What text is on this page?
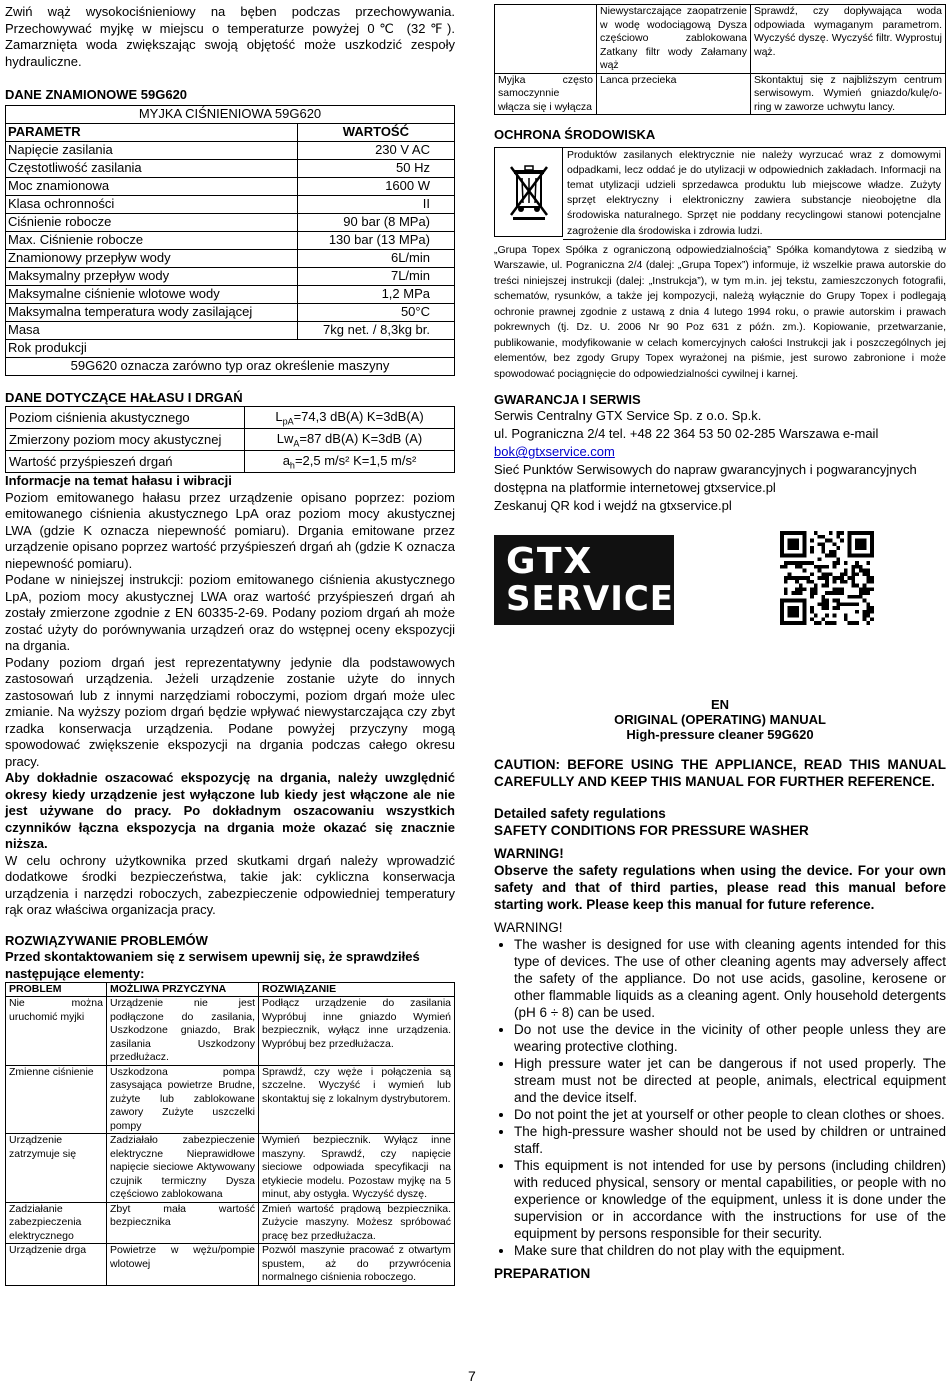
Zwiń wąż wysokociśnieniowy na bęben podczas przechowywania. Przechowywać myjkę w miejscu o temperaturze powyżej 0℃ (32℉). Zamarznięta woda zwiększając swoją objętość może uszkodzić zespoły hydrauliczne.

DANE ZNAMIONOWE 59G620

MYJKA CIŚNIENIOWA 59G620	
PARAMETR	WARTOŚĆ
Napięcie zasilania	230 V AC
Częstotliwość zasilania	50 Hz
Moc znamionowa	1600 W
Klasa ochronności	II
Ciśnienie robocze	90 bar (8 MPa)
Max. Ciśnienie robocze	130 bar (13 MPa)
Znamionowy przepływ wody	6L/min
Maksymalny przepływ wody	7L/min
Maksymalne ciśnienie wlotowe wody	1,2 MPa
Maksymalna temperatura wody zasilającej	50°C
Masa	7kg net. / 8,3kg br.
Rok produkcji	
59G620 oznacza zarówno typ oraz określenie maszyny	

DANE DOTYCZĄCE HAŁASU I DRGAŃ

Poziom ciśnienia akustycznego	$L_{pA}=74,3$ dB(A) K=3dB(A)
Zmierzony poziom mocy akustycznej	$Lw_A=87$ dB(A) K=3dB (A)
Wartość przyśpieszeń drgań	$a_h=2,5$ m/s² K=1,5 m/s²

Informacje na temat hałasu i wibracji

Poziom emitowanego hałasu przez urządzenie opisano poprzez: poziom emitowanego ciśnienia akustycznego LpA oraz poziom mocy akustycznej LWA (gdzie K oznacza niepewność pomiaru). Drgania emitowane przez urządzenie opisano poprzez wartość przyśpieszeń drgań ah (gdzie K oznacza niepewność pomiaru).

Podane w niniejszej instrukcji: poziom emitowanego ciśnienia akustycznego LpA, poziom mocy akustycznej LWA oraz wartość przyśpieszeń drgań ah zostały zmierzone zgodnie z EN 60335-2-69. Podany poziom drgań ah może zostać użyty do porównywania urządzeń oraz do wstępnej oceny ekspozycji na drgania.

Podany poziom drgań jest reprezentatywny jedynie dla podstawowych zastosowań urządzenia. Jeżeli urządzenie zostanie użyte do innych zastosowań lub z innymi narzędziami roboczymi, poziom drgań może ulec zmianie. Na wyższy poziom drgań będzie wpływać niewystarczająca czy zbyt rzadka konserwacja urządzenia. Podane powyżej przyczyny mogą spowodować zwiększenie ekspozycji na drgania podczas całego okresu pracy.

Aby dokładnie oszacować ekspozycję na drgania, należy uwzględnić okresy kiedy urządzenie jest wyłączone lub kiedy jest włączone ale nie jest używane do pracy. Po dokładnym oszacowaniu wszystkich czynników łączna ekspozycja na drgania może okazać się znacznie niższa.

W celu ochrony użytkownika przed skutkami drgań należy wprowadzić dodatkowe środki bezpieczeństwa, takie jak: cykliczna konserwacja urządzenia i narzędzi roboczych, zabezpieczenie odpowiedniej temperatury rąk oraz właściwa organizacja pracy.

ROZWIĄZYWANIE PROBLEMÓW

Przed skontaktowaniem się z serwisem upewnij się, że sprawdziłeś następujące elementy:

PROBLEM	MOŻLIWA PRZYCZYNA	ROZWIĄZANIE
Nie można uruchomić myjki	Urządzenie nie jest podłączone do zasilania, Uszkodzone gniazdo, Brak zasilania Uszkodzony przedłużacz.	Podłącz urządzenie do zasilania Wypróbuj inne gniazdo Wymień bezpiecznik, wyłącz inne urządzenia. Wypróbuj bez przedłużacza.
Zmienne ciśnienie	Uszkodzona pompa zasysająca powietrze Brudne, zużyte lub zablokowane zawory Zużyte uszczelki pompy	Sprawdź, czy węże i połączenia są szczelne. Wyczyść i wymień lub skontaktuj się z lokalnym dystrybutorem.
Urządzenie zatrzymuje się	Zadziałało zabezpieczenie elektryczne Nieprawidłowe napięcie sieciowe Aktywowany czujnik termiczny Dysza częściowo zablokowana	Wymień bezpiecznik. Wyłącz inne maszyny. Sprawdź, czy napięcie sieciowe odpowiada specyfikacji na etykiecie modelu. Pozostaw myjkę na 5 minut, aby ostygła. Wyczyść dyszę.
Zadziałanie zabezpieczenia elektrycznego	Zbyt mała wartość bezpiecznika	Zmień wartość prądową bezpiecznika. Zużycie maszyny. Możesz spróbować pracę bez przedłużacza.
Urządzenie drga	Powietrze w wężu/pompie wlotowej	Pozwól maszynie pracować z otwartym spustem, aż do przywrócenia normalnego ciśnienia roboczego.
	Niewystarczające zaopatrzenie w wodę wodociągową Dysza częściowo zablokowana Zatkany filtr wody Załamany wąż	Sprawdź, czy dopływająca woda odpowiada wymaganym parametrom. Wyczyść dyszę. Wyczyść filtr. Wyprostuj wąż.
Myjka często samoczynnie włącza się i wyłącza	Lanca przecieka	Skontaktuj się z najbliższym centrum serwisowym. Wymień gniazdo/kulę/o-ring w zaworze uchwytu lancy.

OCHRONA ŚRODOWISKA

Produktów zasilanych elektrycznie nie należy wyrzucać wraz z domowymi odpadkami, lecz oddać je do utylizacji w odpowiednich zakładach. Informacji na temat utylizacji udzieli sprzedawca produktu lub miejscowe władze. Zużyty sprzęt elektryczny i elektroniczny zawiera substancje nieobojętne dla środowiska naturalnego. Sprzęt nie poddany recyclingowi stanowi potencjalne zagrożenie dla środowiska i zdrowia ludzi.

„Grupa Topex Spółka z ograniczoną odpowiedzialnością” Spółka komandytowa z siedzibą w Warszawie, ul. Pograniczna 2/4 (dalej: „Grupa Topex”) informuje, iż wszelkie prawa autorskie do treści niniejszej instrukcji (dalej: „Instrukcja”), w tym m.in. jej tekstu, zamieszczonych fotografii, schematów, rysunków, a także jej kompozycji, należą wyłącznie do Grupy Topex i podlegają ochronie prawnej zgodnie z ustawą z dnia 4 lutego 1994 roku, o prawie autorskim i prawach pokrewnych (tj. Dz. U. 2006 Nr 90 Poz 631 z późn. zm.). Kopiowanie, przetwarzanie, publikowanie, modyfikowanie w celach komercyjnych całości Instrukcji jak i poszczególnych jej elementów, bez zgody Grupy Topex wyrażonej na piśmie, jest surowo zabronione i może spowodować pociągnięcie do odpowiedzialności cywilnej i karnej.

GWARANCJA I SERWIS

Serwis Centralny GTX Service Sp. z o.o. Sp.k.

ul. Pograniczna 2/4 tel. +48 22 364 53 50 02-285 Warszawa e-mail

bok@gtxservice.com

Sieć Punktów Serwisowych do napraw gwarancyjnych i pogwarancyjnych dostępna na platformie internetowej gtxservice.pl

Zeskanuj QR kod i wejdź na gtxservice.pl

GTX
SERVICE

EN

ORIGINAL (OPERATING) MANUAL

High-pressure cleaner 59G620

CAUTION: BEFORE USING THE APPLIANCE, READ THIS MANUAL CAREFULLY AND KEEP THIS MANUAL FOR FURTHER REFERENCE.

Detailed safety regulations

SAFETY CONDITIONS FOR PRESSURE WASHER

WARNING!

Observe the safety regulations when using the device. For your own safety and that of third parties, please read this manual before starting work. Please keep this manual for future reference.

WARNING!

• The washer is designed for use with cleaning agents intended for this type of devices. The use of other cleaning agents may adversely affect the safety of the appliance. Do not use acids, gasoline, kerosene or other flammable liquids as a cleaning agent. Only household detergents (pH 6 ÷ 8) can be used.
• Do not use the device in the vicinity of other people unless they are wearing protective clothing.
• High pressure water jet can be dangerous if not used properly. The stream must not be directed at people, animals, electrical equipment and the device itself.
• Do not point the jet at yourself or other people to clean clothes or shoes.
• The high-pressure washer should not be used by children or untrained staff.
• This equipment is not intended for use by persons (including children) with reduced physical, sensory or mental capabilities, or people with no experience or knowledge of the equipment, unless it is done under the supervision or in accordance with the instructions for use of the equipment by persons responsible for their security.
• Make sure that children do not play with the equipment.

PREPARATION

7
